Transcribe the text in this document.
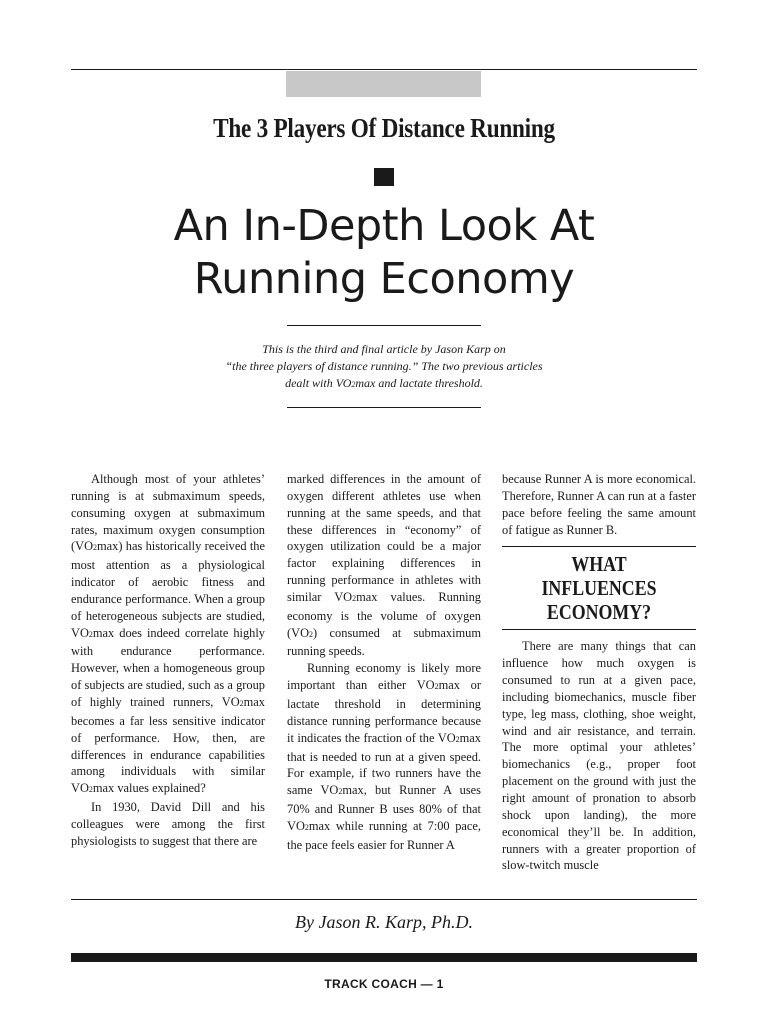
The 3 Players Of Distance Running
An In-Depth Look At
Running Economy
This is the third and final article by Jason Karp on
“the three players of distance running.” The two previous articles
dealt with VO2max and lactate threshold.

Although most of your athletes’ running is at submaximum speeds, consuming oxygen at submaximum rates, maximum oxygen consumption (VO2max) has historically received the most attention as a physiological indicator of aerobic fitness and endurance performance. When a group of heterogeneous subjects are studied, VO2max does indeed correlate highly with endurance performance. However, when a homogeneous group of subjects are studied, such as a group of highly trained runners, VO2max becomes a far less sensitive indicator of performance. How, then, are differences in endurance capabilities among individuals with similar VO2max values explained?

In 1930, David Dill and his colleagues were among the first physiologists to suggest that there are

marked differences in the amount of oxygen different athletes use when running at the same speeds, and that these differences in “economy” of oxygen utilization could be a major factor explaining differences in running performance in athletes with similar VO2max values. Running economy is the volume of oxygen (VO2) consumed at submaximum running speeds.

Running economy is likely more important than either VO2max or lactate threshold in determining distance running performance because it indicates the fraction of the VO2max that is needed to run at a given speed. For example, if two runners have the same VO2max, but Runner A uses 70% and Runner B uses 80% of that VO2max while running at 7:00 pace, the pace feels easier for Runner A

because Runner A is more economical. Therefore, Runner A can run at a faster pace before feeling the same amount of fatigue as Runner B.

WHAT INFLUENCES
ECONOMY?

There are many things that can influence how much oxygen is consumed to run at a given pace, including biomechanics, muscle fiber type, leg mass, clothing, shoe weight, wind and air resistance, and terrain. The more optimal your athletes’ biomechanics (e.g., proper foot placement on the ground with just the right amount of pronation to absorb shock upon landing), the more economical they’ll be. In addition, runners with a greater proportion of slow-twitch muscle

By Jason R. Karp, Ph.D.
TRACK COACH — 1
